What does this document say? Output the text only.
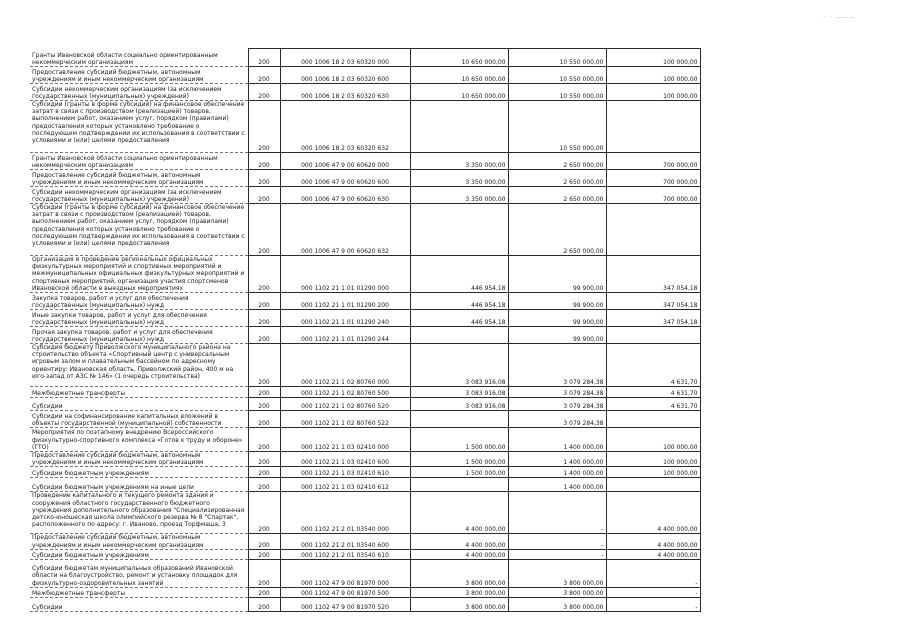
· · · ———
Гранты Ивановской области социально ориентированным некоммерческим организациям	200	000 1006 18 2 03 60320 000	10 650 000,00	10 550 000,00	100 000,00
Предоставление субсидий бюджетным, автономным учреждениям и иным некоммерческим организациям	200	000 1006 18 2 03 60320 600	10 650 000,00	10 550 000,00	100 000,00
Субсидии некоммерческим организациям (за исключением государственных (муниципальных) учреждений)	200	000 1006 18 2 03 60320 630	10 650 000,00	10 550 000,00	100 000,00
Субсидии (гранты в форме субсидий) на финансовое обеспечение затрат в связи с производством (реализацией) товаров, выполнением работ, оказанием услуг, порядком (правилами) предоставления которых установлено требование о последующем подтверждении их использования в соответствии с условиями и (или) целями предоставления	200	000 1006 18 2 03 60320 632		10 550 000,00	
Гранты Ивановской области социально ориентированным некоммерческим организациям	200	000 1006 47 9 00 60620 000	3 350 000,00	2 650 000,00	700 000,00
Предоставление субсидий бюджетным, автономным учреждениям и иным некоммерческим организациям	200	000 1006 47 9 00 60620 600	3 350 000,00	2 650 000,00	700 000,00
Субсидии некоммерческим организациям (за исключением государственных (муниципальных) учреждений)	200	000 1006 47 9 00 60620 630	3 350 000,00	2 650 000,00	700 000,00
Субсидии (гранты в форме субсидий) на финансовое обеспечение затрат в связи с производством (реализацией) товаров, выполнением работ, оказанием услуг, порядком (правилами) предоставления которых установлено требование о последующем подтверждении их использования в соответствии с условиями и (или) целями предоставления	200	000 1006 47 9 00 60620 632		2 650 000,00	
Организация и проведение региональных официальных физкультурных мероприятий и спортивных мероприятий и межмуниципальных официальных физкультурных мероприятий и спортивных мероприятий, организация участия спортсменов Ивановской области в выездных мероприятиях	200	000 1102 21 1 01 01290 000	446 954,18	99 900,00	347 054,18
Закупка товаров, работ и услуг для обеспечения государственных (муниципальных) нужд	200	000 1102 21 1 01 01290 200	446 954,18	99 900,00	347 054,18
Иные закупки товаров, работ и услуг для обеспечения государственных (муниципальных) нужд	200	000 1102 21 1 01 01290 240	446 954,18	99 900,00	347 054,18
Прочая закупка товаров, работ и услуг для обеспечения государственных (муниципальных) нужд	200	000 1102 21 1 01 01290 244		99 900,00	
Субсидия бюджету Приволжского муниципального района на строительство объекта «Спортивный центр с универсальным игровым залом и плавательным бассейном по адресному ориентиру: Ивановская область, Приволжский район, 400 м на юго-запад от АЗС № 146» (1 очередь строительства)	200	000 1102 21 1 02 80760 000	3 083 916,08	3 079 284,38	4 631,70
Межбюджетные трансферты	200	000 1102 21 1 02 80760 500	3 083 916,08	3 079 284,38	4 631,70
Субсидии	200	000 1102 21 1 02 80760 520	3 083 916,08	3 079 284,38	4 631,70
Субсидии на софинансирование капитальных вложений в объекты государственной (муниципальной) собственности	200	000 1102 21 1 02 80760 522		3 079 284,38	
Мероприятия по поэтапному внедрению Всероссийского физкультурно-спортивного комплекса «Готов к труду и обороне» (ГТО)	200	000 1102 21 1 03 02410 000	1 500 000,00	1 400 000,00	100 000,00
Предоставление субсидий бюджетным, автономным учреждениям и иным некоммерческим организациям	200	000 1102 21 1 03 02410 600	1 500 000,00	1 400 000,00	100 000,00
Субсидии бюджетным учреждениям	200	000 1102 21 1 03 02410 610	1 500 000,00	1 400 000,00	100 000,00
Субсидии бюджетным учреждениям на иные цели	200	000 1102 21 1 03 02410 612		1 400 000,00	
Проведение капитального и текущего ремонта здания и сооружения областного государственного бюджетного учреждения дополнительного образования "Специализированная детско-юношеская школа олимпийского резерва № 8 "Спартак", расположенного по адресу: г. Иваново, проезд Торфмаша, 3	200	000 1102 21 2 01 03540 000	4 400 000,00	-	4 400 000,00
Предоставление субсидий бюджетным, автономным учреждениям и иным некоммерческим организациям	200	000 1102 21 2 01 03540 600	4 400 000,00	-	4 400 000,00
Субсидии бюджетным учреждениям	200	000 1102 21 2 01 03540 610	4 400 000,00	-	4 400 000,00
Субсидии бюджетам муниципальных образований Ивановской области на благоустройство, ремонт и установку площадок для физкультурно-оздоровительных занятий	200	000 1102 47 9 00 81970 000	3 800 000,00	3 800 000,00	-
Межбюджетные трансферты	200	000 1102 47 9 00 81970 500	3 800 000,00	3 800 000,00	-
Субсидии	200	000 1102 47 9 00 81970 520	3 800 000,00	3 800 000,00	-
